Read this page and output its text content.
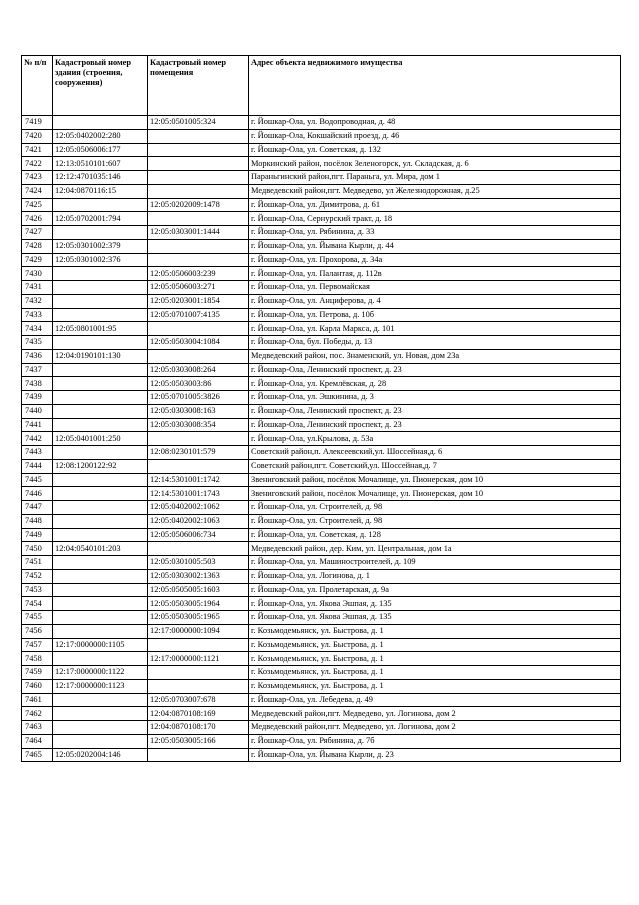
№ п/п	Кадастровый номер здания (строения, сооружения)	Кадастровый номер помещения	Адрес объекта недвижимого имущества
7419		12:05:0501005:324	г. Йошкар-Ола, ул. Водопроводная, д. 48
7420	12:05:0402002:280		г. Йошкар-Ола, Кокшайский проезд, д. 46
7421	12:05:0506006:177		г. Йошкар-Ола, ул. Советская, д. 132
7422	12:13:0510101:607		Моркинский район, посёлок Зеленогорск, ул. Складская, д. 6
7423	12:12:4701035:146		Параньгинский район,пгт. Параньга, ул. Мира, дом 1
7424	12:04:0870116:15		Медведевский район,пгт. Медведево, ул Железнодорожная, д.25
7425		12:05:0202009:1478	г. Йошкар-Ола, ул. Димитрова, д. 61
7426	12:05:0702001:794		г. Йошкар-Ола, Сернурский тракт, д. 18
7427		12:05:0303001:1444	г. Йошкар-Ола, ул. Рябинина, д. 33
7428	12:05:0301002:379		г. Йошкар-Ола, ул. Йывана Кырли, д. 44
7429	12:05:0301002:376		г. Йошкар-Ола, ул. Прохорова, д. 34а
7430		12:05:0506003:239	г. Йошкар-Ола, ул. Палантая, д. 112в
7431		12:05:0506003:271	г. Йошкар-Ола, ул. Первомайская
7432		12:05:0203001:1854	г. Йошкар-Ола, ул. Анциферова, д. 4
7433		12:05:0701007:4135	г. Йошкар-Ола, ул. Петрова, д. 10б
7434	12:05:0801001:95		г. Йошкар-Ола, ул. Карла Маркса, д. 101
7435		12:05:0503004:1084	г. Йошкар-Ола, бул. Победы, д. 13
7436	12:04:0190101:130		Медведевский район, пос. Знаменский, ул. Новая, дом 23а
7437		12:05:0303008:264	г. Йошкар-Ола, Ленинский проспект, д. 23
7438		12:05:0503003:86	г. Йошкар-Ола, ул. Кремлёвская, д. 28
7439		12:05:0701005:3826	г. Йошкар-Ола, ул. Эшкинина, д. 3
7440		12:05:0303008:163	г. Йошкар-Ола, Ленинский проспект, д. 23
7441		12:05:0303008:354	г. Йошкар-Ола, Ленинский проспект, д. 23
7442	12:05:0401001:250		г. Йошкар-Ола, ул.Крылова, д. 53а
7443		12:08:0230101:579	Советский район,п. Алексеевский,ул. Шоссейная,д. 6
7444	12:08:1200122:92		Советский район,пгт. Советский,ул. Шоссейная,д. 7
7445		12:14:5301001:1742	Звениговский район, посёлок Мочалище, ул. Пионерская, дом 10
7446		12:14:5301001:1743	Звениговский район, посёлок Мочалище, ул. Пионерская, дом 10
7447		12:05:0402002:1062	г. Йошкар-Ола, ул. Строителей, д. 98
7448		12:05:0402002:1063	г. Йошкар-Ола, ул. Строителей, д. 98
7449		12:05:0506006:734	г. Йошкар-Ола, ул. Советская, д. 128
7450	12:04:0540101:203		Медведевский район, дер. Ким, ул. Центральная, дом 1а
7451		12:05:0301005:503	г. Йошкар-Ола, ул. Машиностроителей, д. 109
7452		12:05:0303002:1363	г. Йошкар-Ола, ул. Логинова, д. 1
7453		12:05:0505005:1603	г. Йошкар-Ола, ул. Пролетарская, д. 9а
7454		12:05:0503005:1964	г. Йошкар-Ола, ул. Якова Эшпая, д. 135
7455		12:05:0503005:1965	г. Йошкар-Ола, ул. Якова Эшпая, д. 135
7456		12:17:0000000:1094	г. Козьмодемьянск, ул. Быстрова, д. 1
7457	12:17:0000000:1105		г. Козьмодемьянск, ул. Быстрова, д. 1
7458		12:17:0000000:1121	г. Козьмодемьянск, ул. Быстрова, д. 1
7459	12:17:0000000:1122		г. Козьмодемьянск, ул. Быстрова, д. 1
7460	12:17:0000000:1123		г. Козьмодемьянск, ул. Быстрова, д. 1
7461		12:05:0703007:678	г. Йошкар-Ола, ул. Лебедева, д. 49
7462		12:04:0870108:169	Медведевский район,пгт. Медведево, ул. Логинова, дом 2
7463		12:04:0870108:170	Медведевский район,пгт. Медведево, ул. Логинова, дом 2
7464		12:05:0503005:166	г. Йошкар-Ола, ул. Рябинина, д. 7б
7465	12:05:0202004:146		г. Йошкар-Ола, ул. Йывана Кырли, д. 23
